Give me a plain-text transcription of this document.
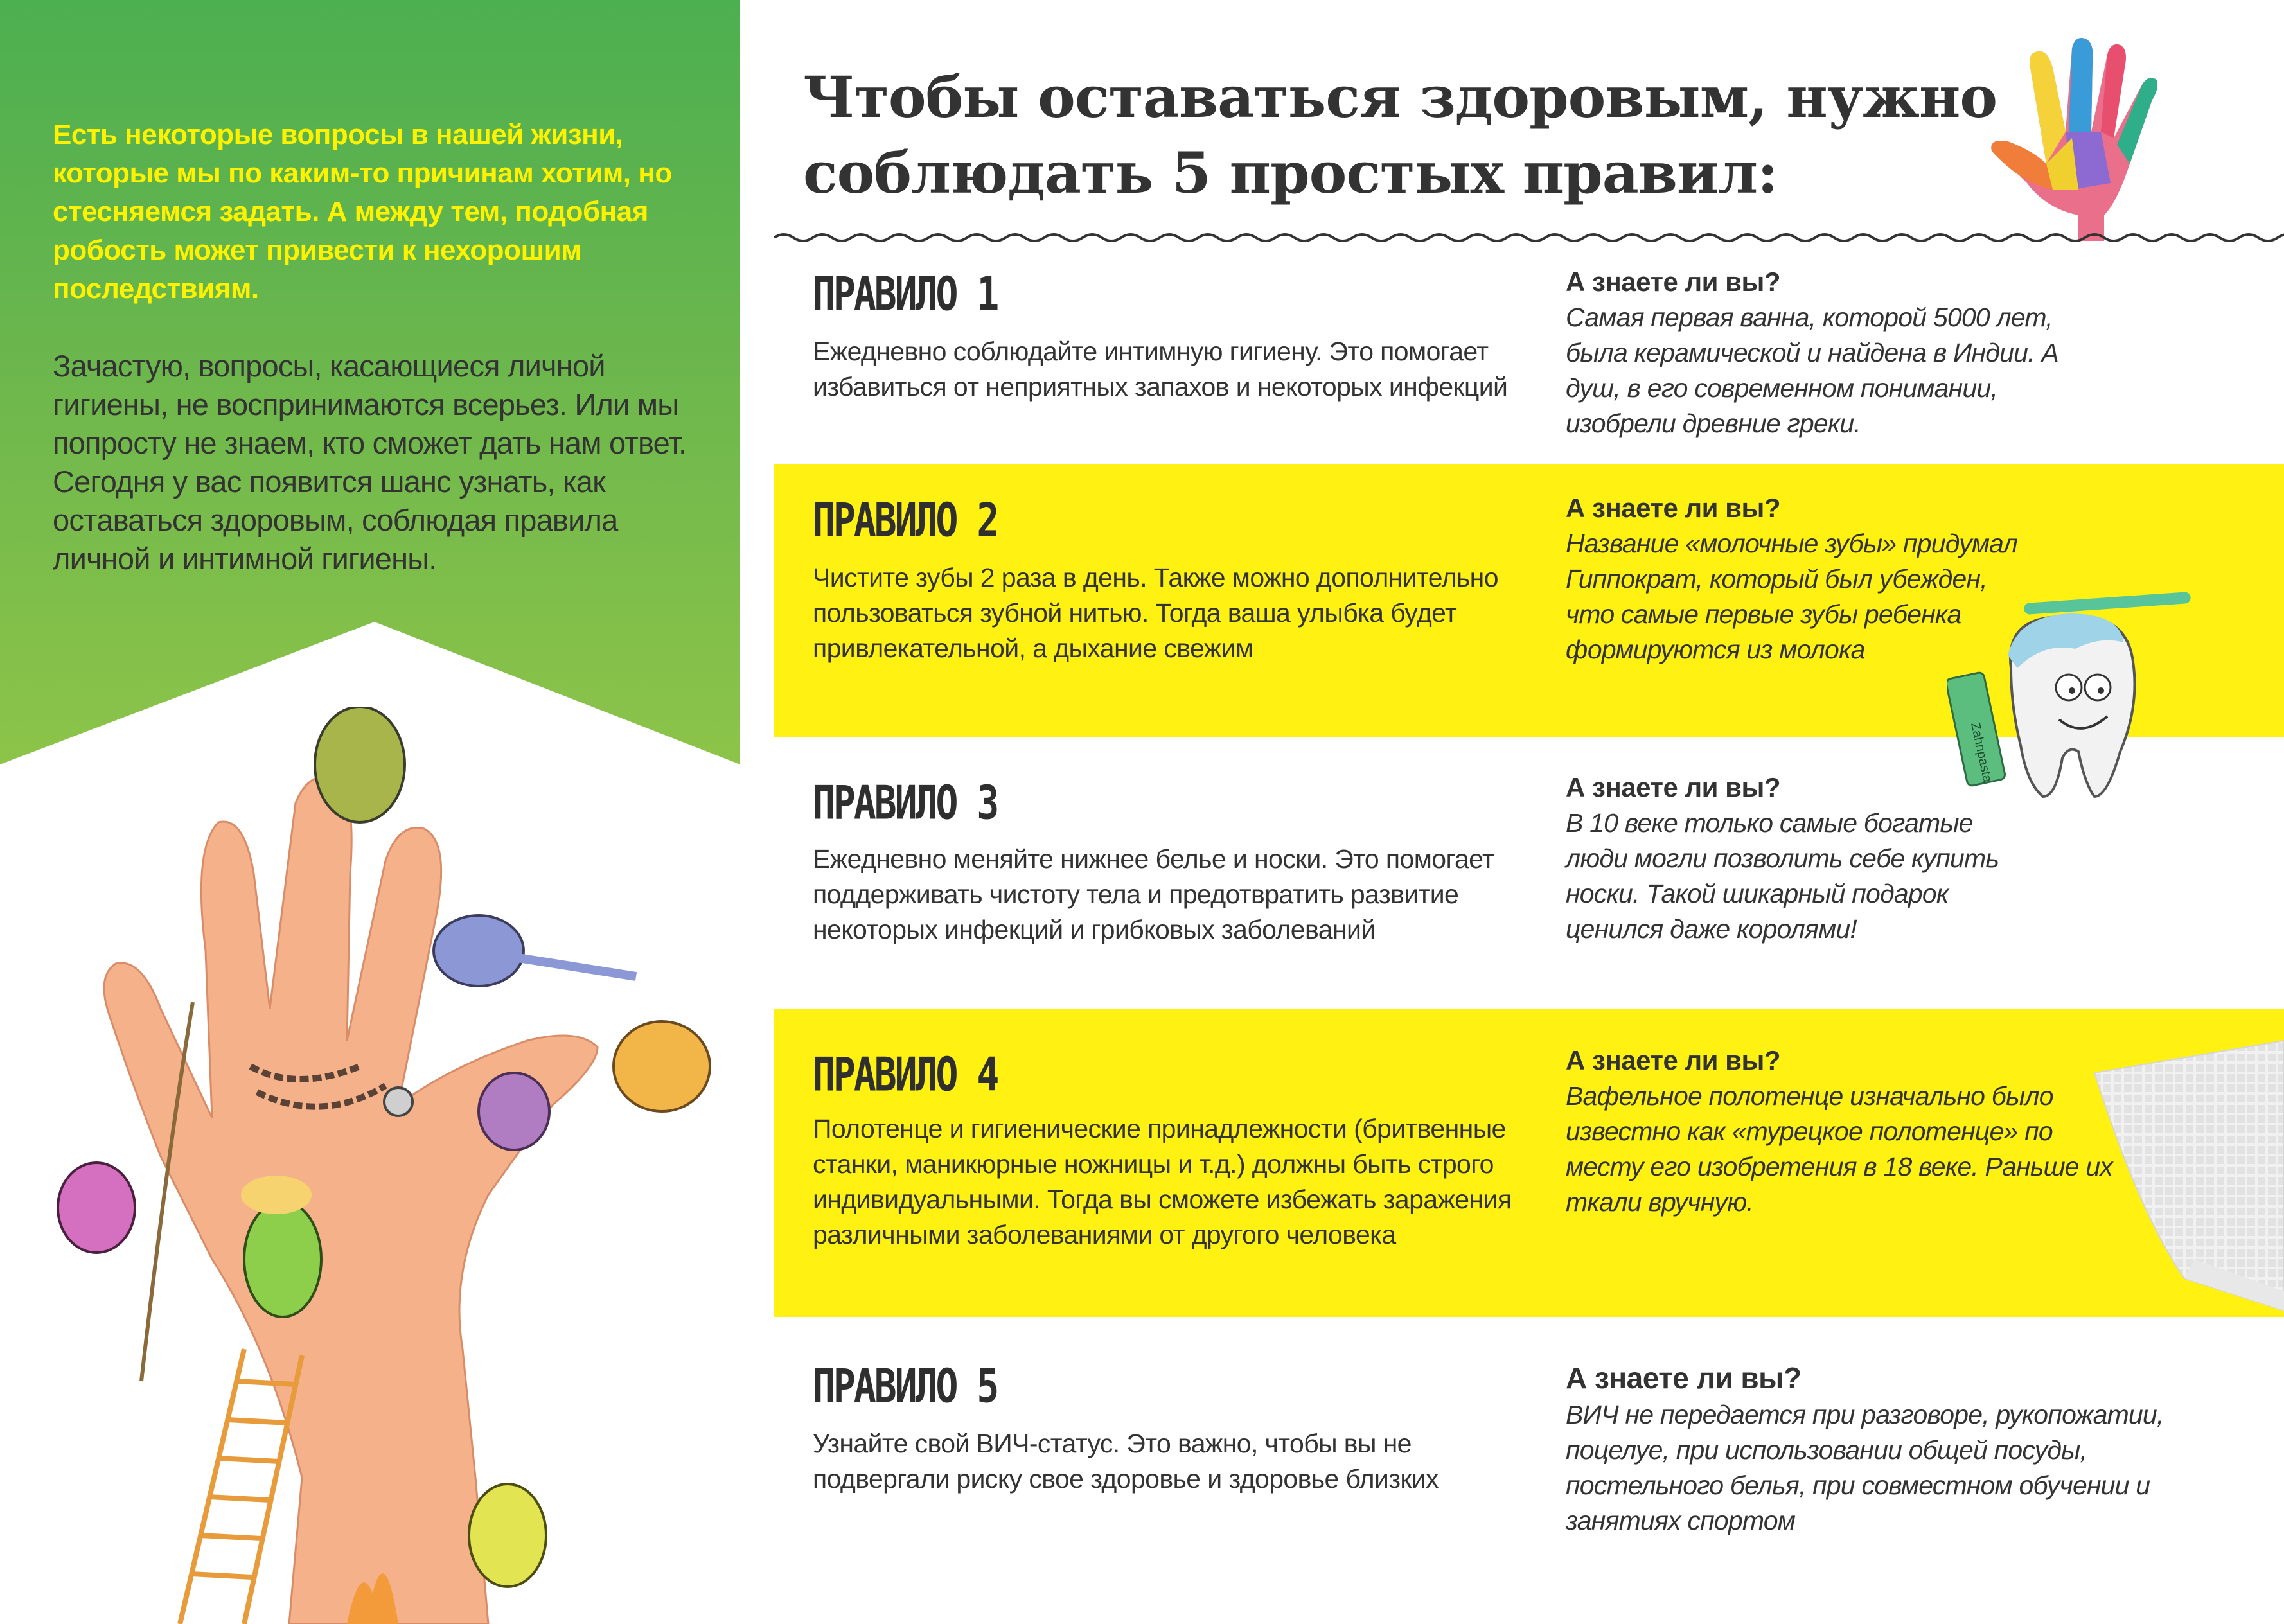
Есть некоторые вопросы в нашей жизни, которые мы по каким-то причинам хотим, но стесняемся задать. А между тем, подобная робость может привести к нехорошим последствиям.
Зачастую, вопросы, касающиеся личной гигиены, не воспринимаются всерьез. Или мы попросту не знаем, кто сможет дать нам ответ. Сегодня у вас появится шанс узнать, как оставаться здоровым, соблюдая правила личной и интимной гигиены.
Чтобы оставаться здоровым, нужно соблюдать 5 простых правил:
ПРАВИЛО 1
Ежедневно соблюдайте интимную гигиену. Это помогает избавиться от неприятных запахов и некоторых инфекций
А знаете ли вы?
Самая первая ванна, которой 5000 лет, была керамической и найдена в Индии. А душ, в его современном понимании, изобрели древние греки.
ПРАВИЛО 2
Чистите зубы 2 раза в день. Также можно дополнительно пользоваться зубной нитью. Тогда ваша улыбка будет привлекательной, а дыхание свежим
А знаете ли вы?
Название «молочные зубы» придумал Гиппократ, который был убежден, что самые первые зубы ребенка формируются из молока
Zahnpasta
ПРАВИЛО 3
Ежедневно меняйте нижнее белье и носки. Это помогает поддерживать чистоту тела и предотвратить развитие некоторых инфекций и грибковых заболеваний
А знаете ли вы?
В 10 веке только самые богатые люди могли позволить себе купить носки. Такой шикарный подарок ценился даже королями!
ПРАВИЛО 4
Полотенце и гигиенические принадлежности (бритвенные станки, маникюрные ножницы и т.д.) должны быть строго индивидуальными. Тогда вы сможете избежать заражения различными заболеваниями от другого человека
А знаете ли вы?
Вафельное полотенце изначально было известно как «турецкое полотенце» по месту его изобретения в 18 веке. Раньше их ткали вручную.
ПРАВИЛО 5
Узнайте свой ВИЧ-статус. Это важно, чтобы вы не подвергали риску свое здоровье и здоровье близких
А знаете ли вы?
ВИЧ не передается при разговоре, рукопожатии, поцелуе, при использовании общей посуды, постельного белья, при совместном обучении и занятиях спортом
